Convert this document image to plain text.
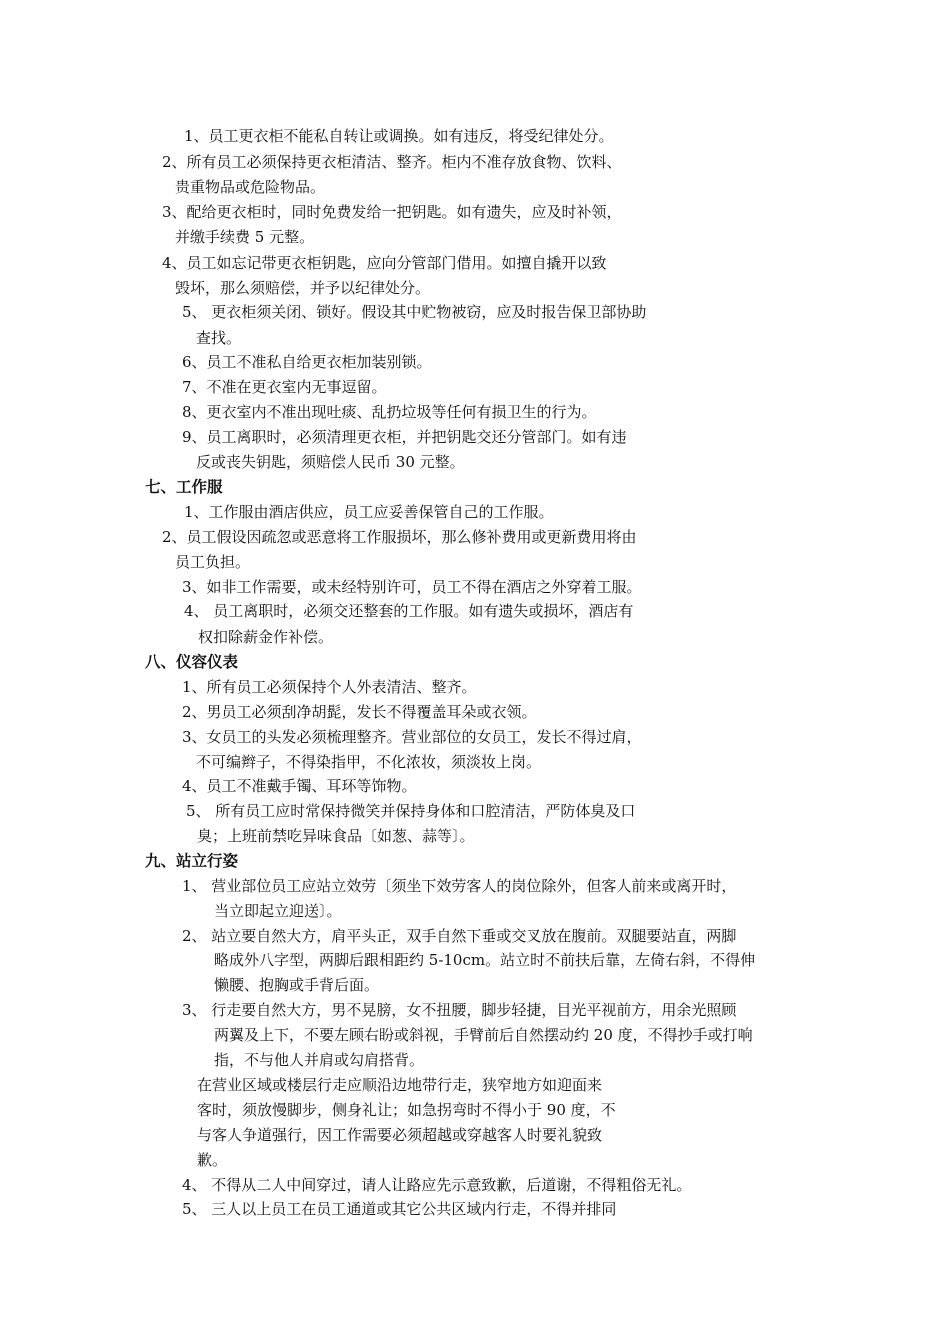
1、员工更衣柜不能私自转让或调换。如有违反，将受纪律处分。
2、所有员工必须保持更衣柜清洁、整齐。柜内不准存放食物、饮料、
贵重物品或危险物品。
3、配给更衣柜时，同时免费发给一把钥匙。如有遗失，应及时补领，
并缴手续费 5 元整。
4、员工如忘记带更衣柜钥匙，应向分管部门借用。如擅自撬开以致
毁坏，那么须赔偿，并予以纪律处分。
5、 更衣柜须关闭、锁好。假设其中贮物被窃，应及时报告保卫部协助
查找。
6、员工不准私自给更衣柜加装别锁。
7、不准在更衣室内无事逗留。
8、更衣室内不准出现吐痰、乱扔垃圾等任何有损卫生的行为。
9、员工离职时，必须清理更衣柜，并把钥匙交还分管部门。如有违
反或丧失钥匙，须赔偿人民币 30 元整。
七、工作服
1、工作服由酒店供应，员工应妥善保管自己的工作服。
2、员工假设因疏忽或恶意将工作服损坏，那么修补费用或更新费用将由
员工负担。
3、如非工作需要，或未经特别许可，员工不得在酒店之外穿着工服。
4、 员工离职时，必须交还整套的工作服。如有遗失或损坏，酒店有
权扣除薪金作补偿。
八、仪容仪表
1、所有员工必须保持个人外表清洁、整齐。
2、男员工必须刮净胡髭，发长不得覆盖耳朵或衣领。
3、女员工的头发必须梳理整齐。营业部位的女员工，发长不得过肩，
不可编辫子，不得染指甲，不化浓妆，须淡妆上岗。
4、员工不准戴手镯、耳环等饰物。
5、 所有员工应时常保持微笑并保持身体和口腔清洁，严防体臭及口
臭；上班前禁吃异味食品〔如葱、蒜等〕。
九、站立行姿
1、 营业部位员工应站立效劳〔须坐下效劳客人的岗位除外，但客人前来或离开时，
当立即起立迎送〕。
2、 站立要自然大方，肩平头正，双手自然下垂或交叉放在腹前。双腿要站直，两脚
略成外八字型，两脚后跟相距约 5-10cm。站立时不前扶后靠，左倚右斜，不得伸
懒腰、抱胸或手背后面。
3、 行走要自然大方，男不晃膀，女不扭腰，脚步轻捷，目光平视前方，用余光照顾
两翼及上下，不要左顾右盼或斜视，手臂前后自然摆动约 20 度，不得抄手或打响
指，不与他人并肩或勾肩搭背。
在营业区域或楼层行走应顺沿边地带行走，狭窄地方如迎面来
客时，须放慢脚步，侧身礼让；如急拐弯时不得小于 90 度，不
与客人争道强行，因工作需要必须超越或穿越客人时要礼貌致
歉。
4、 不得从二人中间穿过，请人让路应先示意致歉，后道谢，不得粗俗无礼。
5、 三人以上员工在员工通道或其它公共区域内行走，不得并排同
